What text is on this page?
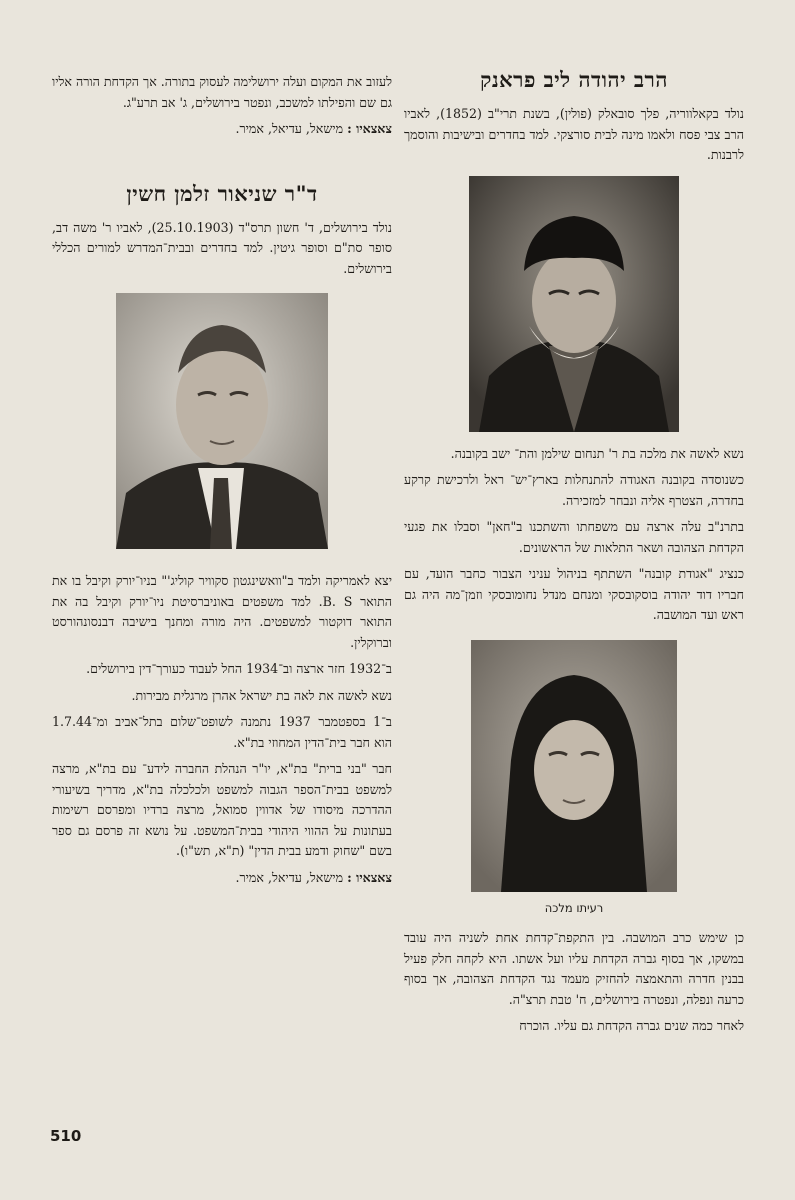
הרב יהודה ליב פראנק

נולד בקאלווריה, פלך סובאלק (פולין), בשנת תרי"ב (1852), לאביו הרב צבי פסח ולאמו מינה לבית סורצקי. למד בחדרים ובישיבות והוסמך לרבנות.

נשא לאשה את מלכה בת ר' תנחום שילמן והת־ ישב בקובנה.

כשנוסדה בקובנה האגודה להתנחלות בארץ־יש־ ראל ולרכישת קרקע בחדרה, הצטרף אליה ונבחר למזכירה.

בתרנ"ב עלה ארצה עם משפחתו והשתכנו ב"חאן" וסבלו את פגעי הקדחת הצהובה ושאר התלאות של הראשונים.

כנציג "אגודת קובנה" השתתף בניהול עניני הצבור כחבר הועד, עם חבריו דוד יהודה בוסקובסקי ומנחם מנדל נחומובסקי וזמן־מה היה גם ראש ועד המושבה.

רעיתו מלכה

כן שימש כרב המושבה. בין התקפת־קדחת אחת לשניה היה עובד במשקו, אך בסוף גברה הקדחת עליו ועל אשתו. היא לקחה חלק פעיל בבנין חדרה והתאמצה להחזיק מעמד נגד הקדחת הצהובה, אך בסוף כרעה ונפלה, ונפטרה בירושלים, ח' טבת תרצ"ה.

לאחר כמה שנים גברה הקדחת גם עליו. הוכרח

לעזוב את המקום ועלה ירושלימה לעסוק בתורה. אך הקדחת הורה אליו גם שם והפילתו למשכב, ונפטר בירושלים, ג' אב תרע"ג.

צאצאיו : מישאל, עדיאל, אמיר.

ד"ר שניאור זלמן חשין

נולד בירושלים, ד' חשון תרס"ד (25.10.1903), לאביו ר' משה דב, סופר סת"ם וסופר גיטין. למד בחדרים ובבית־המדרש למורים הכללי בירושלים.

יצא לאמריקה ולמד ב"וואשינגטון סקוויר קוליג'" בניו־יורק וקיבל בו את התואר B. S. למד משפטים באוניברסיטת ניו־יורק וקיבל בה את התואר דוקטור למשפטים. היה מורה ומחנך בישיבה דבנסונהורסט וברוקלין.

ב־1932 חזר ארצה וב־1934 החל לעבוד כעורך־דין בירושלים.

נשא לאשה את לאה בת ישראל אהרן מרגלית מבירות.

ב־1 בספטמבר 1937 נתמנה לשופט־שלום בתל־אביב ומ־1.7.44 הוא חבר בית־הדין המחוזי בת"א.

חבר "בני ברית" בת"א, יו"ר הנהלת החברה לידע־ עם בת"א, מרצה למשפט בבית־הספר הגבוה למשפט ולכלכלה בת"א, מדריך בשיעורי ההדרכה מיסודו של אדווין סמואל, מרצה ברדיו ומפרסם רשימות בעתונות על ההווי היהודי בבית־המשפט. על נושא זה פרסם גם ספר בשם "שחוק ודמע בבית הדין" (ת"א, תש"ו).

צאצאיו : מישאל, עדיאל, אמיר.

510
